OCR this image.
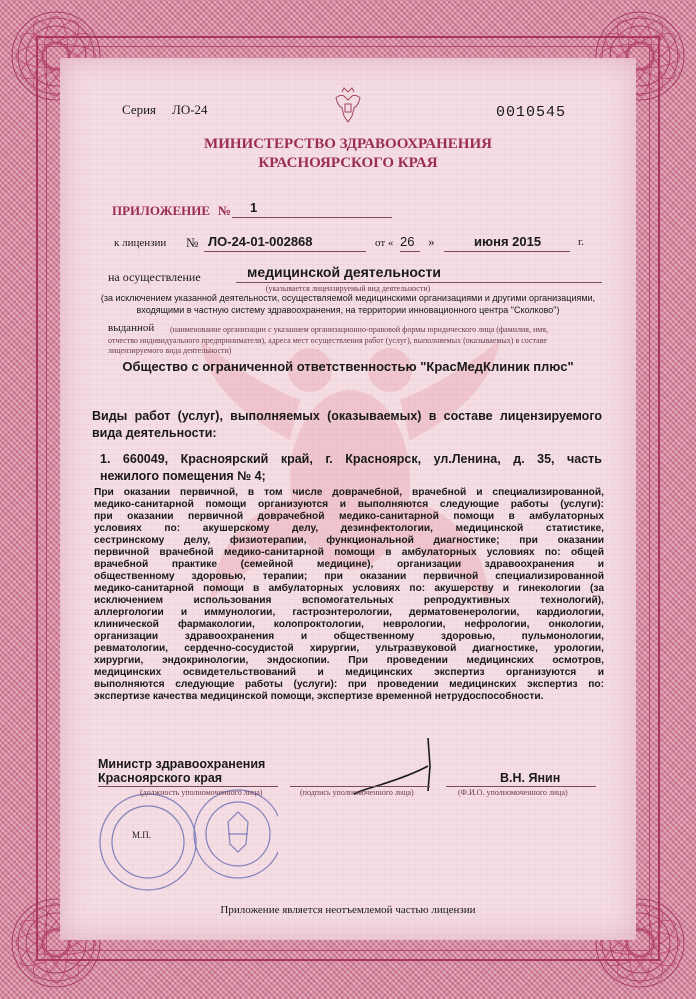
Серия ЛО-24	0010545
МИНИСТЕРСТВО ЗДРАВООХРАНЕНИЯ
КРАСНОЯРСКОГО КРАЯ
ПРИЛОЖЕНИЕ № 1
к лицензии № ЛО-24-01-002868	от « 26 »	июня 2015	г.
на осуществление	медицинской деятельности
(указывается лицензируемый вид деятельности)
(за исключением указанной деятельности, осуществляемой медицинскими организациями и другими организациями,
входящими в частную систему здравоохранения, на территории инновационного центра "Сколково")
выданной (наименование организации с указанием организационно-правовой формы юридического лица (фамилия, имя,
отчество индивидуального предпринимателя), адреса мест осуществления работ (услуг), выполняемых (оказываемых) в составе
лицензируемого вида деятельности)
Общество с ограниченной ответственностью "КрасМедКлиник плюс"
Виды работ (услуг), выполняемых (оказываемых) в составе лицензируемого
вида деятельности:
1. 660049, Красноярский край, г. Красноярск, ул.Ленина, д. 35, часть
нежилого помещения № 4;
При оказании первичной, в том числе доврачебной, врачебной и специализированной,
медико-санитарной помощи организуются и выполняются следующие работы (услуги):
при оказании первичной доврачебной медико-санитарной помощи в амбулаторных
условиях по: акушерскому делу, дезинфектологии, медицинской статистике,
сестринскому делу, физиотерапии, функциональной диагностике; при оказании
первичной врачебной медико-санитарной помощи в амбулаторных условиях по: общей
врачебной практике (семейной медицине), организации здравоохранения и
общественному здоровью, терапии; при оказании первичной специализированной
медико-санитарной помощи в амбулаторных условиях по: акушерству и гинекологии (за
исключением использования вспомогательных репродуктивных технологий),
аллергологии и иммунологии, гастроэнтерологии, дерматовенерологии, кардиологии,
клинической фармакологии, колопроктологии, неврологии, нефрологии, онкологии,
организации здравоохранения и общественному здоровью, пульмонологии,
ревматологии, сердечно-сосудистой хирургии, ультразвуковой диагностике, урологии,
хирургии, эндокринологии, эндоскопии. При проведении медицинских осмотров,
медицинских освидетельствований и медицинских экспертиз организуются и
выполняются следующие работы (услуги): при проведении медицинских экспертиз по:
экспертизе качества медицинской помощи, экспертизе временной нетрудоспособности.
Министр здравоохранения
Красноярского края	В.Н. Янин
(должность уполномоченного лица)	(подпись уполномоченного лица)	(Ф.И.О. уполномоченного лица)
М.П.
Приложение является неотъемлемой частью лицензии
